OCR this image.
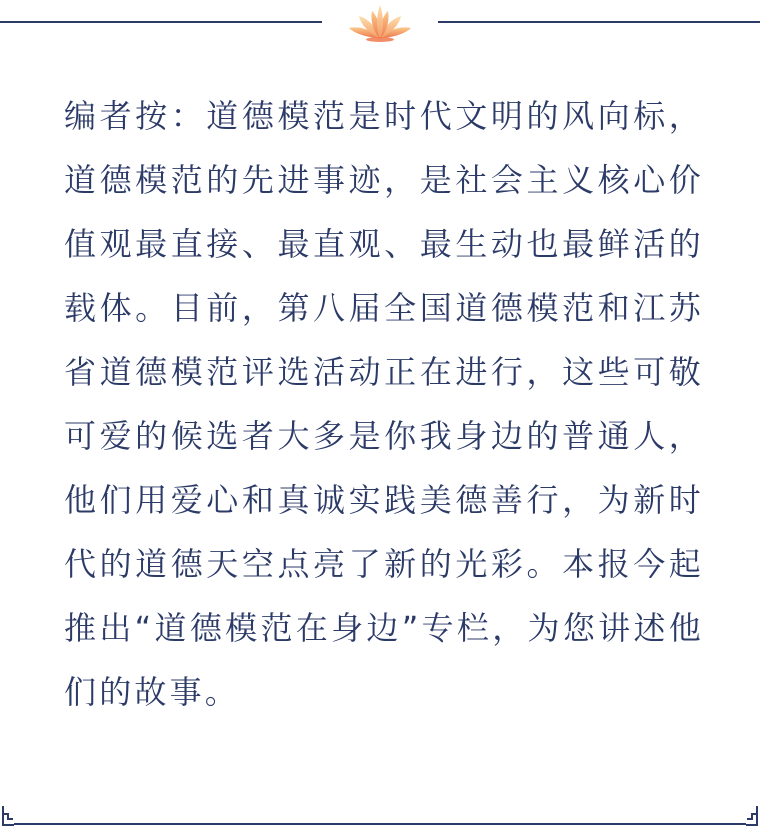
编者按：道德模范是时代文明的风向标，道德模范的先进事迹，是社会主义核心价值观最直接、最直观、最生动也最鲜活的载体。目前，第八届全国道德模范和江苏省道德模范评选活动正在进行，这些可敬可爱的候选者大多是你我身边的普通人，他们用爱心和真诚实践美德善行，为新时代的道德天空点亮了新的光彩。本报今起推出“道德模范在身边”专栏，为您讲述他们的故事。
